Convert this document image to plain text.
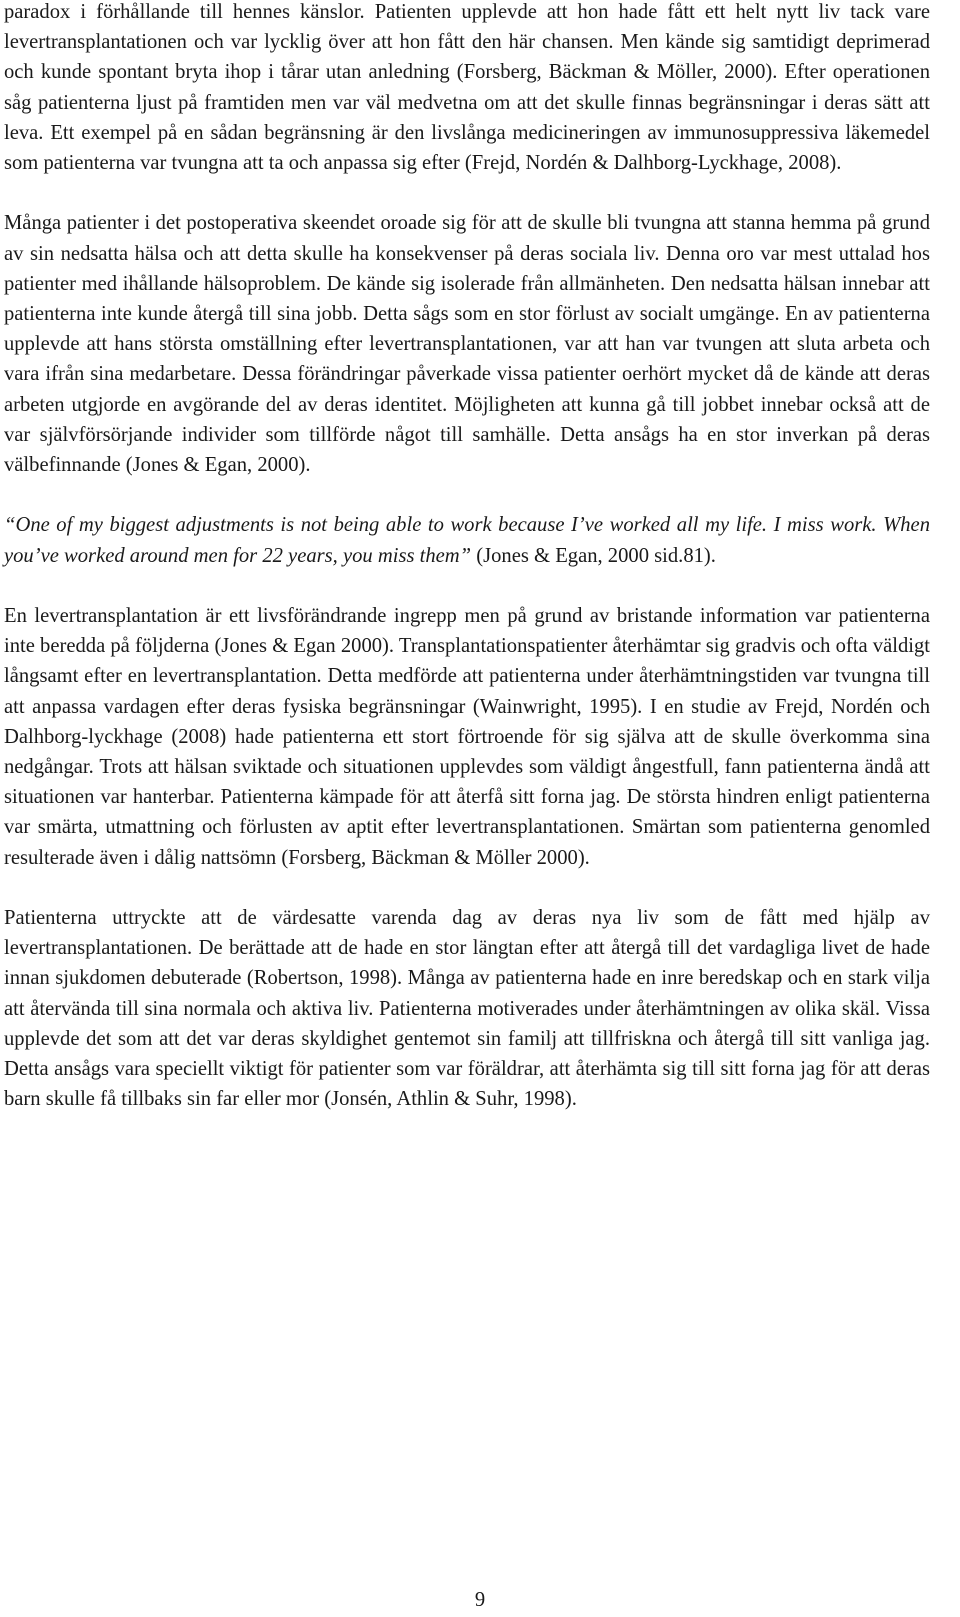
paradox i förhållande till hennes känslor. Patienten upplevde att hon hade fått ett helt nytt liv tack vare levertransplantationen och var lycklig över att hon fått den här chansen. Men kände sig samtidigt deprimerad och kunde spontant bryta ihop i tårar utan anledning (Forsberg, Bäckman & Möller, 2000). Efter operationen såg patienterna ljust på framtiden men var väl medvetna om att det skulle finnas begränsningar i deras sätt att leva. Ett exempel på en sådan begränsning är den livslånga medicineringen av immunosuppressiva läkemedel som patienterna var tvungna att ta och anpassa sig efter (Frejd, Nordén & Dalhborg-Lyckhage, 2008).

Många patienter i det postoperativa skeendet oroade sig för att de skulle bli tvungna att stanna hemma på grund av sin nedsatta hälsa och att detta skulle ha konsekvenser på deras sociala liv. Denna oro var mest uttalad hos patienter med ihållande hälsoproblem. De kände sig isolerade från allmänheten. Den nedsatta hälsan innebar att patienterna inte kunde återgå till sina jobb. Detta sågs som en stor förlust av socialt umgänge. En av patienterna upplevde att hans största omställning efter levertransplantationen, var att han var tvungen att sluta arbeta och vara ifrån sina medarbetare. Dessa förändringar påverkade vissa patienter oerhört mycket då de kände att deras arbeten utgjorde en avgörande del av deras identitet. Möjligheten att kunna gå till jobbet innebar också att de var självförsörjande individer som tillförde något till samhälle. Detta ansågs ha en stor inverkan på deras välbefinnande (Jones & Egan, 2000).

“One of my biggest adjustments is not being able to work because I’ve worked all my life. I miss work. When you’ve worked around men for 22 years, you miss them” (Jones & Egan, 2000 sid.81).

En levertransplantation är ett livsförändrande ingrepp men på grund av bristande information var patienterna inte beredda på följderna (Jones & Egan 2000). Transplantationspatienter återhämtar sig gradvis och ofta väldigt långsamt efter en levertransplantation. Detta medförde att patienterna under återhämtningstiden var tvungna till att anpassa vardagen efter deras fysiska begränsningar (Wainwright, 1995). I en studie av Frejd, Nordén och Dalhborg-lyckhage (2008) hade patienterna ett stort förtroende för sig själva att de skulle överkomma sina nedgångar. Trots att hälsan sviktade och situationen upplevdes som väldigt ångestfull, fann patienterna ändå att situationen var hanterbar. Patienterna kämpade för att återfå sitt forna jag. De största hindren enligt patienterna var smärta, utmattning och förlusten av aptit efter levertransplantationen. Smärtan som patienterna genomled resulterade även i dålig nattsömn (Forsberg, Bäckman & Möller 2000).

Patienterna uttryckte att de värdesatte varenda dag av deras nya liv som de fått med hjälp av levertransplantationen. De berättade att de hade en stor längtan efter att återgå till det vardagliga livet de hade innan sjukdomen debuterade (Robertson, 1998). Många av patienterna hade en inre beredskap och en stark vilja att återvända till sina normala och aktiva liv. Patienterna motiverades under återhämtningen av olika skäl. Vissa upplevde det som att det var deras skyldighet gentemot sin familj att tillfriskna och återgå till sitt vanliga jag. Detta ansågs vara speciellt viktigt för patienter som var föräldrar, att återhämta sig till sitt forna jag för att deras barn skulle få tillbaks sin far eller mor (Jonsén, Athlin & Suhr, 1998).

9
